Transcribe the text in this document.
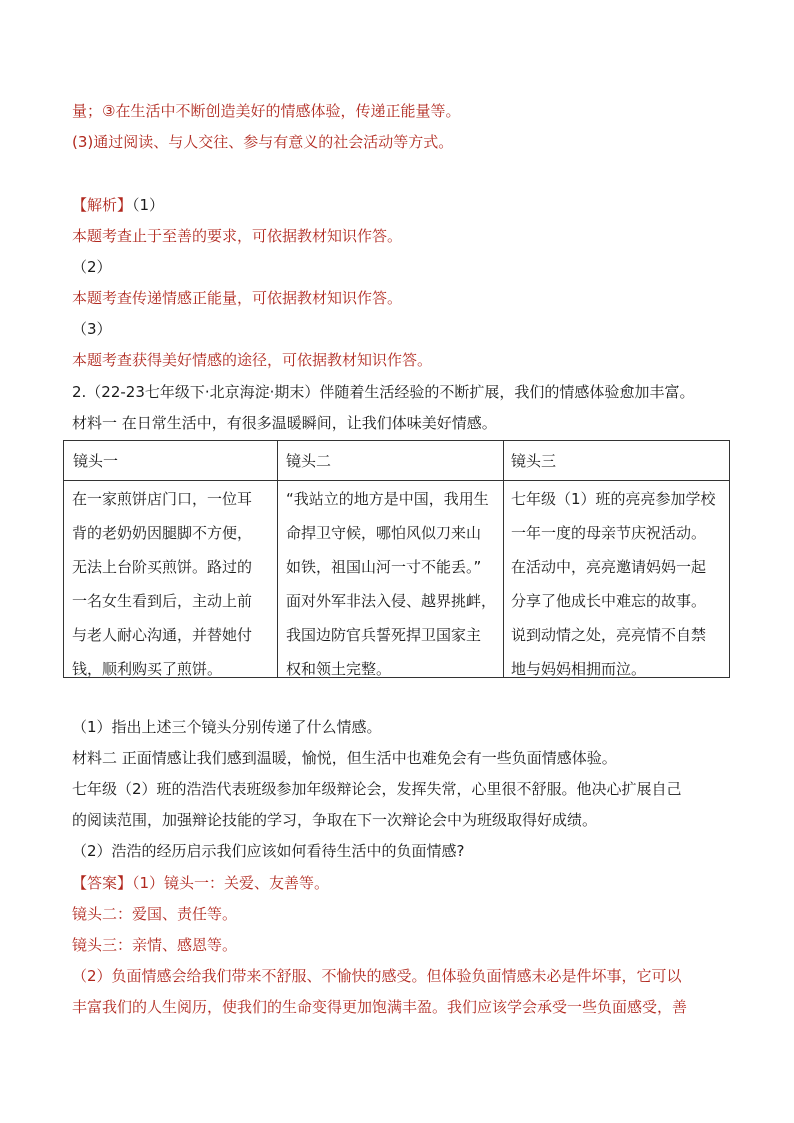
量；③在生活中不断创造美好的情感体验，传递正能量等。
(3)通过阅读、与人交往、参与有意义的社会活动等方式。
【解析】（1）
本题考查止于至善的要求，可依据教材知识作答。
（2）
本题考查传递情感正能量，可依据教材知识作答。
（3）
本题考查获得美好情感的途径，可依据教材知识作答。
2.（22-23七年级下·北京海淀·期末）伴随着生活经验的不断扩展，我们的情感体验愈加丰富。
材料一 在日常生活中，有很多温暖瞬间，让我们体味美好情感。
镜头一	镜头二	镜头三
在一家煎饼店门口，一位耳
背的老奶奶因腿脚不方便，
无法上台阶买煎饼。路过的
一名女生看到后，主动上前
与老人耐心沟通，并替她付
钱，顺利购买了煎饼。
“我站立的地方是中国，我用生
命捍卫守候，哪怕风似刀来山
如铁，祖国山河一寸不能丢。”
面对外军非法入侵、越界挑衅，
我国边防官兵誓死捍卫国家主
权和领土完整。
七年级（1）班的亮亮参加学校
一年一度的母亲节庆祝活动。
在活动中，亮亮邀请妈妈一起
分享了他成长中难忘的故事。
说到动情之处，亮亮情不自禁
地与妈妈相拥而泣。
（1）指出上述三个镜头分别传递了什么情感。
材料二 正面情感让我们感到温暖，愉悦，但生活中也难免会有一些负面情感体验。
七年级（2）班的浩浩代表班级参加年级辩论会，发挥失常，心里很不舒服。他决心扩展自己
的阅读范围，加强辩论技能的学习，争取在下一次辩论会中为班级取得好成绩。
（2）浩浩的经历启示我们应该如何看待生活中的负面情感?
【答案】（1）镜头一：关爱、友善等。
镜头二：爱国、责任等。
镜头三：亲情、感恩等。
（2）负面情感会给我们带来不舒服、不愉快的感受。但体验负面情感未必是件坏事，它可以
丰富我们的人生阅历，使我们的生命变得更加饱满丰盈。我们应该学会承受一些负面感受，善
